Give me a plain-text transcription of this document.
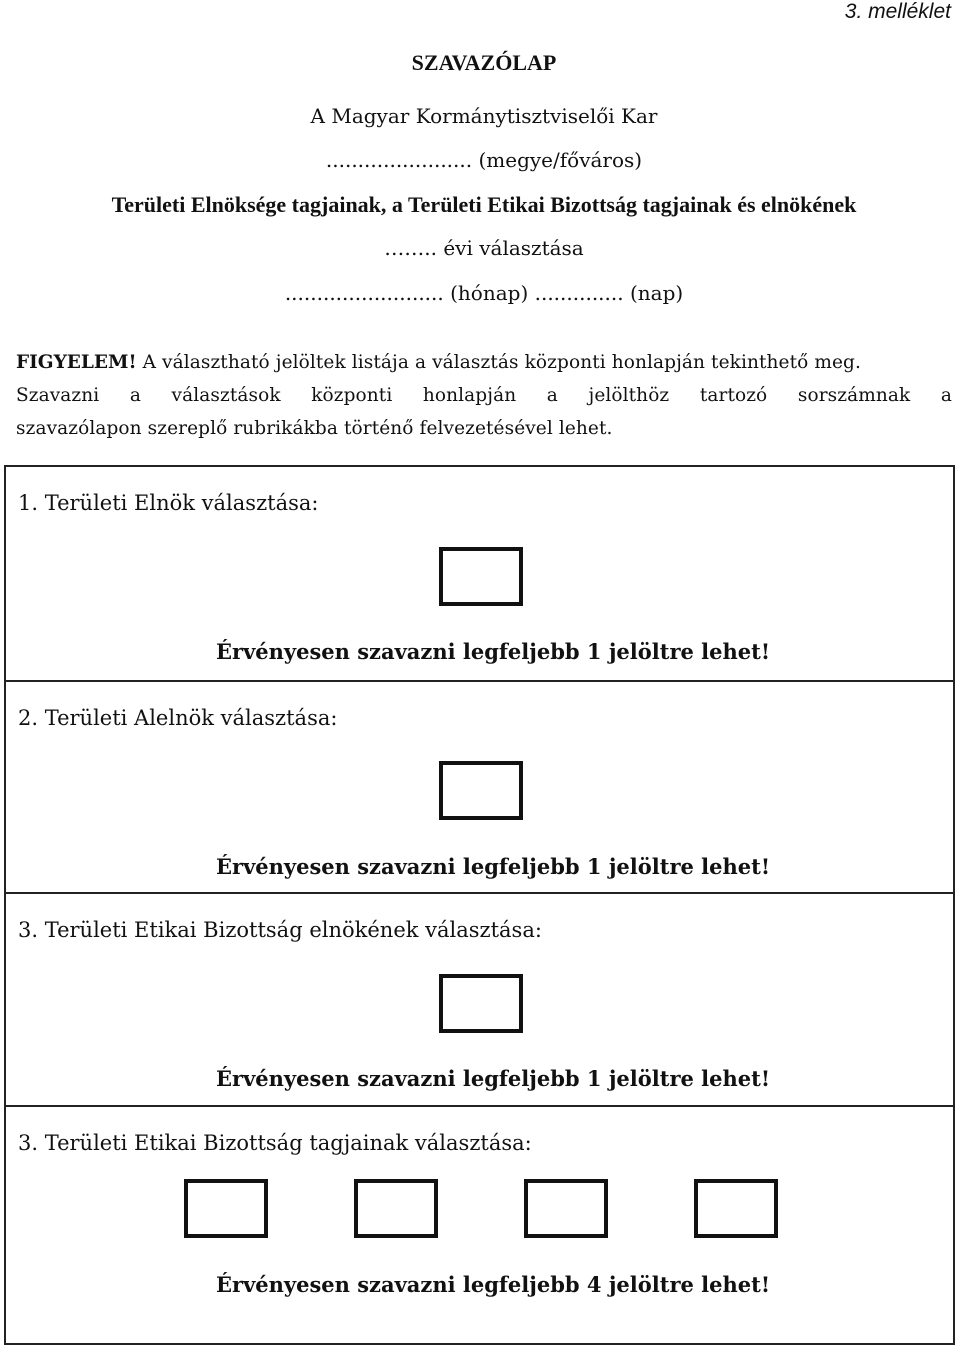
3. melléklet
SZAVAZÓLAP
A Magyar Kormánytisztviselői Kar
....................... (megye/főváros)
Területi Elnöksége tagjainak, a Területi Etikai Bizottság tagjainak és elnökének
…….. évi választása
......................... (hónap) .............. (nap)
FIGYELEM! A választható jelöltek listája a választás központi honlapján tekinthető meg.
Szavazni a választások központi honlapján a jelölthöz tartozó sorszámnak a
szavazólapon szereplő rubrikákba történő felvezetésével lehet.
1. Területi Elnök választása:
Érvényesen szavazni legfeljebb 1 jelöltre lehet!
2. Területi Alelnök választása:
Érvényesen szavazni legfeljebb 1 jelöltre lehet!
3. Területi Etikai Bizottság elnökének választása:
Érvényesen szavazni legfeljebb 1 jelöltre lehet!
3. Területi Etikai Bizottság tagjainak választása:
Érvényesen szavazni legfeljebb 4 jelöltre lehet!
